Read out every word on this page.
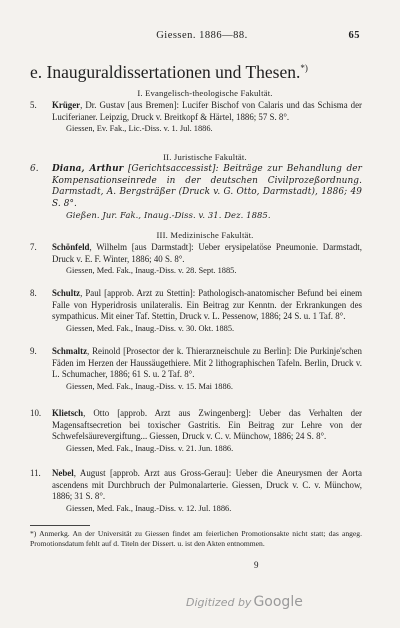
Giessen. 1886—88.	65
e. Inauguraldissertationen und Thesen.*)
I. Evangelisch-theologische Fakultät.
5.	Krüger, Dr. Gustav [aus Bremen]: Lucifer Bischof von Calaris und das Schisma der Luciferianer. Leipzig, Druck v. Breitkopf & Härtel, 1886; 57 S. 8°.
Giessen, Ev. Fak., Lic.-Diss. v. 1. Jul. 1886.
II. Juristische Fakultät.
6.	Diana, Arthur [Gerichtsaccessist]: Beiträge zur Behandlung der Kompensationseinrede in der deutschen Civilprozeßordnung. Darmstadt, A. Bergsträßer (Druck v. G. Otto, Darmstadt), 1886; 49 S. 8°.
Gießen. Jur. Fak., Inaug.-Diss. v. 31. Dez. 1885.
III. Medizinische Fakultät.
7.	Schönfeld, Wilhelm [aus Darmstadt]: Ueber erysipelatöse Pneumonie. Darmstadt, Druck v. E. F. Winter, 1886; 40 S. 8°.
Giessen, Med. Fak., Inaug.-Diss. v. 28. Sept. 1885.
8.	Schultz, Paul [approb. Arzt zu Stettin]: Pathologisch-anatomischer Befund bei einem Falle von Hyperidrosis unilateralis. Ein Beitrag zur Kenntn. der Erkrankungen des sympathicus. Mit einer Taf. Stettin, Druck v. L. Pessenow, 1886; 24 S. u. 1 Taf. 8°.
Giessen, Med. Fak., Inaug.-Diss. v. 30. Okt. 1885.
9.	Schmaltz, Reinold [Prosector der k. Thierarzneischule zu Berlin]: Die Purkinje'schen Fäden im Herzen der Haussäugethiere. Mit 2 lithographischen Tafeln. Berlin, Druck v. L. Schumacher, 1886; 61 S. u. 2 Taf. 8°.
Giessen, Med. Fak., Inaug.-Diss. v. 15. Mai 1886.
10.	Klietsch, Otto [approb. Arzt aus Zwingenberg]: Ueber das Verhalten der Magensaftsecretion bei toxischer Gastritis. Ein Beitrag zur Lehre von der Schwefelsäurevergiftung... Giessen, Druck v. C. v. Münchow, 1886; 24 S. 8°.
Giessen, Med. Fak., Inaug.-Diss. v. 21. Jun. 1886.
11.	Nebel, August [approb. Arzt aus Gross-Gerau]: Ueber die Aneurysmen der Aorta ascendens mit Durchbruch der Pulmonalarterie. Giessen, Druck v. C. v. Münchow, 1886; 31 S. 8°.
Giessen, Med. Fak., Inaug.-Diss. v. 12. Jul. 1886.
*) Anmerkg. An der Universität zu Giessen findet am feierlichen Promotionsakte nicht statt; das angeg. Promotionsdatum fehlt auf d. Titeln der Dissert. u. ist den Akten entnommen.
9
Digitized by Google
